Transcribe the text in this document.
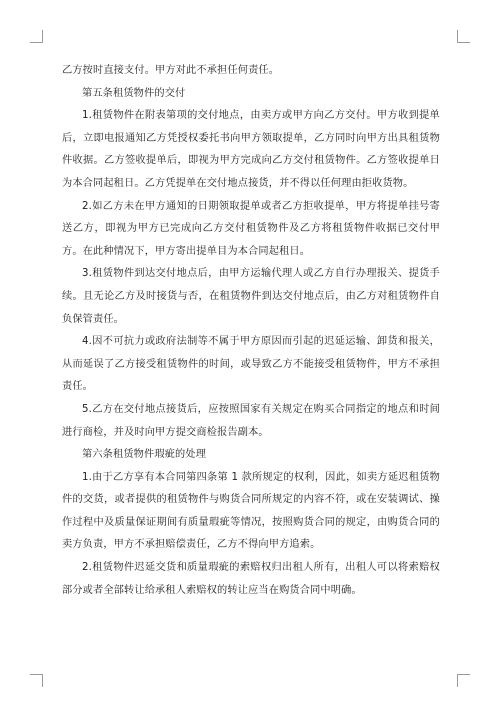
乙方按时直接支付。甲方对此不承担任何责任。

第五条租赁物件的交付

1.租赁物件在附表第项的交付地点，由卖方或甲方向乙方交付。甲方收到提单后，立即电报通知乙方凭授权委托书向甲方领取提单，乙方同时向甲方出具租赁物件收据。乙方签收提单后，即视为甲方完成向乙方交付租赁物件。乙方签收提单日为本合同起租日。乙方凭提单在交付地点接货，并不得以任何理由拒收货物。

2.如乙方未在甲方通知的日期领取提单或者乙方拒收提单，甲方将提单挂号寄送乙方，即视为甲方已完成向乙方交付租赁物件及乙方将租赁物件收据已交付甲方。在此种情况下，甲方寄出提单目为本合同起租日。

3.租赁物件到达交付地点后，由甲方运输代理人或乙方自行办理报关、提货手续。且无论乙方及时接货与否，在租赁物件到达交付地点后，由乙方对租赁物件自负保管责任。

4.因不可抗力或政府法制等不属于甲方原因而引起的迟延运输、卸货和报关，从而延误了乙方接受租赁物件的时间，或导致乙方不能接受租赁物件，甲方不承担责任。

5.乙方在交付地点接货后，应按照国家有关规定在购买合同指定的地点和时间进行商检，并及时向甲方提交商检报告副本。

第六条租赁物件瑕疵的处理

1.由于乙方享有本合同第四条第 1 款所规定的权利，因此，如卖方延迟租赁物件的交货，或者提供的租赁物件与购货合同所规定的内容不符，或在安装调试、操作过程中及质量保证期间有质量瑕疵等情况，按照购货合同的规定，由购货合同的卖方负责，甲方不承担赔偿责任，乙方不得向甲方追索。

2.租赁物件迟延交货和质量瑕疵的索赔权归出租人所有，出租人可以将索赔权部分或者全部转让给承租人索赔权的转让应当在购货合同中明确。
